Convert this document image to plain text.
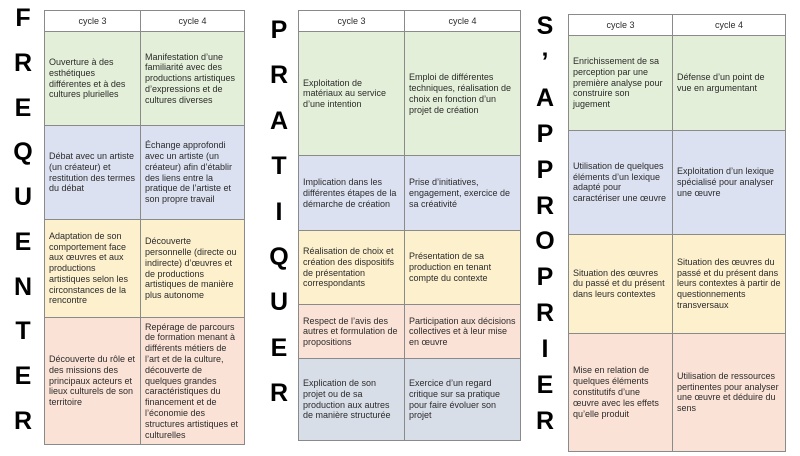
F
R
E
Q
U
E
N
T
E
R
cycle 3	cycle 4
Ouverture à des esthétiques différentes et à des cultures plurielles	Manifestation d’une familiarité avec des productions artistiques d’expressions et de cultures diverses
Débat avec un artiste (un créateur) et restitution des termes du débat	Échange approfondi avec un artiste (un créateur) afin d’établir des liens entre la pratique de l’artiste et son propre travail
Adaptation de son comportement face aux œuvres et aux productions artistiques selon les circonstances de la rencontre	Découverte personnelle (directe ou indirecte) d’œuvres et de productions artistiques de manière plus autonome
Découverte du rôle et des missions des principaux acteurs et lieux culturels de son territoire	Repérage de parcours de formation menant à différents métiers de l’art et de la culture, découverte de quelques grandes caractéristiques du financement et de l’économie des structures artistiques et culturelles
P
R
A
T
I
Q
U
E
R
cycle 3	cycle 4
Exploitation de matériaux au service d’une intention	Emploi de différentes techniques, réalisation de choix en fonction d’un projet de création
Implication dans les différentes étapes de la démarche de création	Prise d’initiatives, engagement, exercice de sa créativité
Réalisation de choix et création des dispositifs de présentation correspondants	Présentation de sa production en tenant compte du contexte
Respect de l’avis des autres et formulation de propositions	Participation aux décisions collectives et à leur mise en œuvre
Explication de son projet ou de sa production aux autres de manière structurée	Exercice d’un regard critique sur sa pratique pour faire évoluer son projet
S
’
A
P
P
R
O
P
R
I
E
R
cycle 3	cycle 4
Enrichissement de sa perception par une première analyse pour construire son jugement	Défense d’un point de vue en argumentant
Utilisation de quelques éléments d’un lexique adapté pour caractériser une œuvre	Exploitation d’un lexique spécialisé pour analyser une œuvre
Situation des œuvres du passé et du présent dans leurs contextes	Situation des œuvres du passé et du présent dans leurs contextes à partir de questionnements transversaux
Mise en relation de quelques éléments constitutifs d’une œuvre avec les effets qu’elle produit	Utilisation de ressources pertinentes pour analyser une œuvre et déduire du sens
